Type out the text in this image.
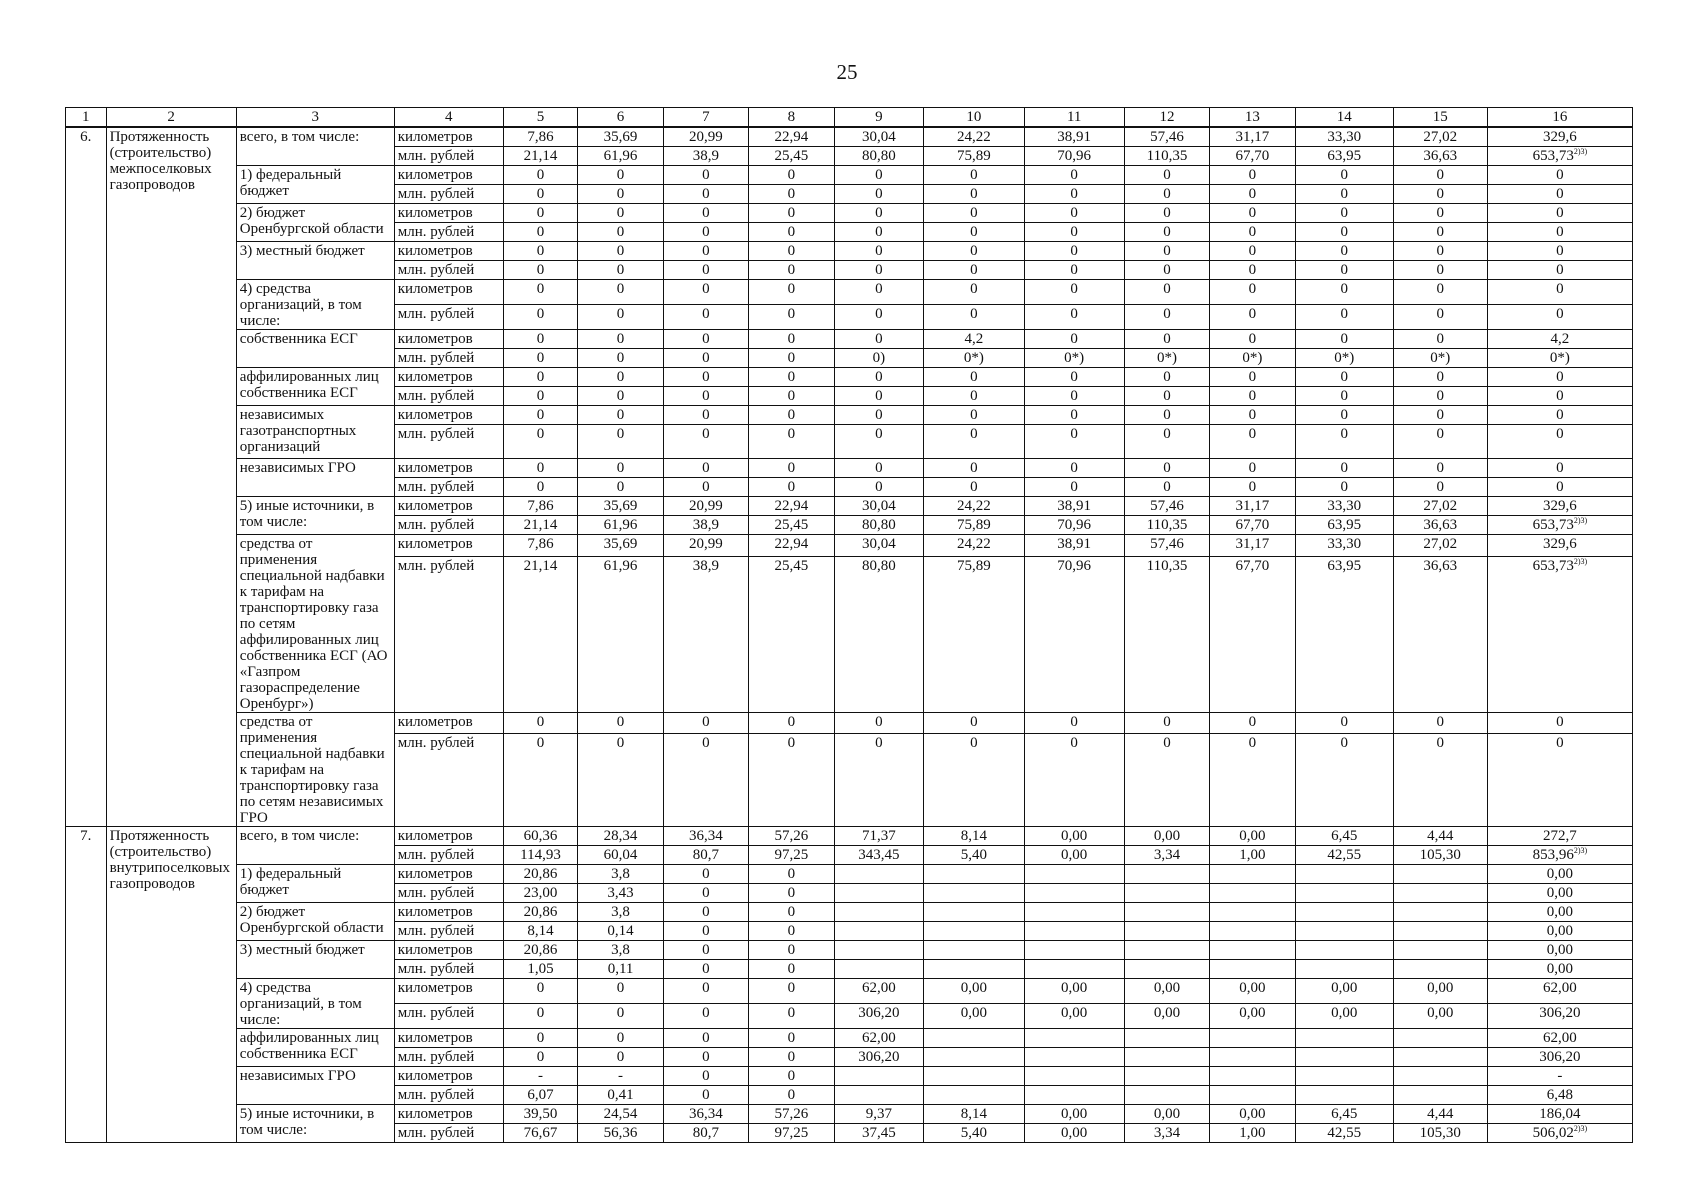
25
1	2	3	4	5	6	7	8	9	10	11	12	13	14	15	16
6.	Протяженность (строительство) межпоселковых газопроводов	всего, в том числе:	километров	7,86	35,69	20,99	22,94	30,04	24,22	38,91	57,46	31,17	33,30	27,02	329,6
			млн. рублей	21,14	61,96	38,9	25,45	80,80	75,89	70,96	110,35	67,70	63,95	36,63	$653,73^{2)3)}$
		1) федеральный бюджет	километров	0	0	0	0	0	0	0	0	0	0	0	0
			млн. рублей	0	0	0	0	0	0	0	0	0	0	0	0
		2) бюджет Оренбургской области	километров	0	0	0	0	0	0	0	0	0	0	0	0
			млн. рублей	0	0	0	0	0	0	0	0	0	0	0	0
		3) местный бюджет	километров	0	0	0	0	0	0	0	0	0	0	0	0
			млн. рублей	0	0	0	0	0	0	0	0	0	0	0	0
		4) средства организаций, в том числе:	километров	0	0	0	0	0	0	0	0	0	0	0	0
			млн. рублей	0	0	0	0	0	0	0	0	0	0	0	0
		собственника ЕСГ	километров	0	0	0	0	0	4,2	0	0	0	0	0	4,2
			млн. рублей	0	0	0	0	0)	0*)	0*)	0*)	0*)	0*)	0*)	0*)
		аффилированных лиц собственника ЕСГ	километров	0	0	0	0	0	0	0	0	0	0	0	0
			млн. рублей	0	0	0	0	0	0	0	0	0	0	0	0
		независимых газотранспортных организаций	километров	0	0	0	0	0	0	0	0	0	0	0	0
			млн. рублей	0	0	0	0	0	0	0	0	0	0	0	0
		независимых ГРО	километров	0	0	0	0	0	0	0	0	0	0	0	0
			млн. рублей	0	0	0	0	0	0	0	0	0	0	0	0
		5) иные источники, в том числе:	километров	7,86	35,69	20,99	22,94	30,04	24,22	38,91	57,46	31,17	33,30	27,02	329,6
			млн. рублей	21,14	61,96	38,9	25,45	80,80	75,89	70,96	110,35	67,70	63,95	36,63	$653,73^{2)3)}$
		средства от применения специальной надбавки к тарифам на транспортировку газа по сетям аффилированных лиц собственника ЕСГ (АО «Газпром газораспределение Оренбург»)	километров	7,86	35,69	20,99	22,94	30,04	24,22	38,91	57,46	31,17	33,30	27,02	329,6
			млн. рублей	21,14	61,96	38,9	25,45	80,80	75,89	70,96	110,35	67,70	63,95	36,63	$653,73^{2)3)}$
		средства от применения специальной надбавки к тарифам на транспортировку газа по сетям независимых ГРО	километров	0	0	0	0	0	0	0	0	0	0	0	0
			млн. рублей	0	0	0	0	0	0	0	0	0	0	0	0
7.	Протяженность (строительство) внутрипоселковых газопроводов	всего, в том числе:	километров	60,36	28,34	36,34	57,26	71,37	8,14	0,00	0,00	0,00	6,45	4,44	272,7
			млн. рублей	114,93	60,04	80,7	97,25	343,45	5,40	0,00	3,34	1,00	42,55	105,30	$853,96^{2)3)}$
		1) федеральный бюджет	километров	20,86	3,8	0	0								0,00
			млн. рублей	23,00	3,43	0	0								0,00
		2) бюджет Оренбургской области	километров	20,86	3,8	0	0								0,00
			млн. рублей	8,14	0,14	0	0								0,00
		3) местный бюджет	километров	20,86	3,8	0	0								0,00
			млн. рублей	1,05	0,11	0	0								0,00
		4) средства организаций, в том числе:	километров	0	0	0	0	62,00	0,00	0,00	0,00	0,00	0,00	0,00	62,00
			млн. рублей	0	0	0	0	306,20	0,00	0,00	0,00	0,00	0,00	0,00	306,20
		аффилированных лиц собственника ЕСГ	километров	0	0	0	0	62,00							62,00
			млн. рублей	0	0	0	0	306,20							306,20
		независимых ГРО	километров	-	-	0	0								-
			млн. рублей	6,07	0,41	0	0								6,48
		5) иные источники, в том числе:	километров	39,50	24,54	36,34	57,26	9,37	8,14	0,00	0,00	0,00	6,45	4,44	186,04
			млн. рублей	76,67	56,36	80,7	97,25	37,45	5,40	0,00	3,34	1,00	42,55	105,30	$506,02^{2)3)}$
